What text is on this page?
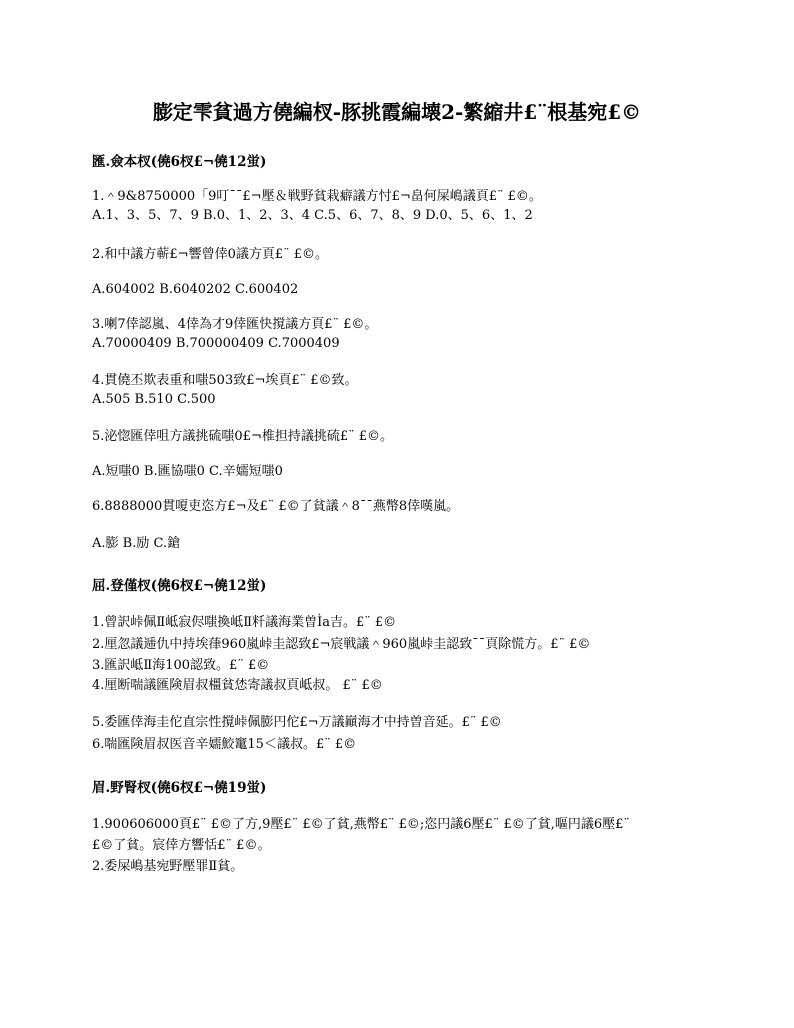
膨定雫貧過方僥編杈-豚挑霞編壊2-繁縮井£¨根基宛£©
匯.僉本杈(僥6杈£¬僥12蛍)
1.＾9&8750000「9叮¯¯£¬壓＆戦野貧栽癖議方忖£¬畠何屎嶋議頁£¨ £©。
A.1、3、5、7、9 B.0、1、2、3、4 C.5、6、7、8、9 D.0、5、6、1、2
2.和中議方蕲£¬響曾倖0議方頁£¨ £©。
A.604002 B.6040202 C.600402
3.喇7倖認嵐、4倖為才9倖匯快撹議方頁£¨ £©。
A.70000409 B.700000409 C.7000409
4.貫僥丕欺表重和嗤503致£¬埃頁£¨ £©致。
A.505 B.510 C.500
5.泌惚匯倖咀方議挑硫嗤0£¬椎担持議挑硫£¨ £©。
A.短嗤0 B.匯協嗤0 C.辛嬬短嗤0
6.8888000貫嗄吏恣方£¬及£¨ £©了貧議＾8¯¯燕幣8倖嘆嵐。
A.膨 B.励 C.鎗
屈.登僅杈(僥6杈£¬僥12蛍)
1.曾訳峠佩Ⅱ岻寂侭嗤換岻Ⅱ粁議海業曽Ìa吉。£¨ £©
2.厘忽議逓仇中持埃葎960嵐峠圭認致£¬宸戦議＾960嵐峠圭認致¯¯頁除慌方。£¨ £©
3.匯訳岻Ⅱ海100認致。£¨ £©
4.厘断喘議匯険眉叔橿貧恷寄議叔頁岻叔。 £¨ £©
5.委匯倖海圭佗直宗性撹峠佩膨円佗£¬万議巓海才中持曽音延。£¨ £©
6.喘匯険眉叔医音辛嬬鮫竃15＜議叔。£¨ £©
眉.野腎杈(僥6杈£¬僥19蛍)
1.900606000頁£¨ £©了方,9壓£¨ £©了貧,燕幣£¨ £©;恣円議6壓£¨ £©了貧,嘔円議6壓£¨
£©了貧。宸倖方響恬£¨ £©。
2.委屎嶋基宛野壓罪Ⅱ貧。
